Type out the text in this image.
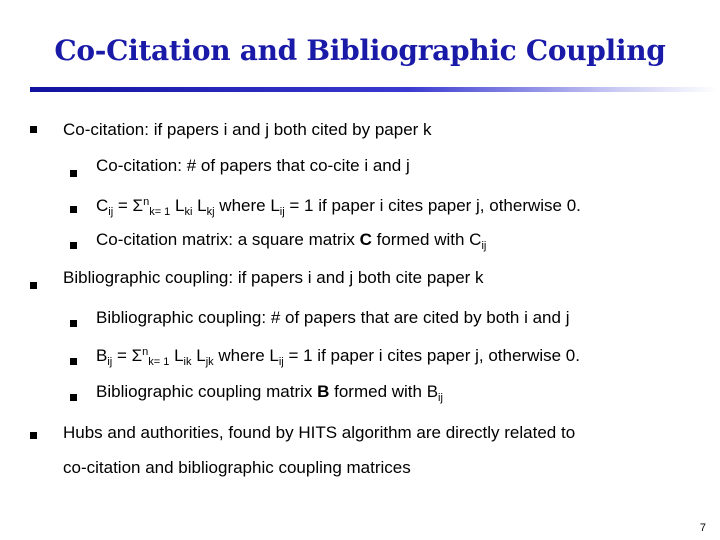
Co-Citation and Bibliographic Coupling
Co-citation: if papers i and j both cited by paper k
Co-citation: # of papers that co-cite i and j
$C_{ij} = \Sigma^n_{k= 1}$ $L_{ki}$ $L_{kj}$ where $L_{ij} = 1$ if paper i cites paper j, otherwise 0.
Co-citation matrix: a square matrix C formed with $C_{ij}$
Bibliographic coupling: if papers i and j both cite paper k
Bibliographic coupling: # of papers that are cited by both i and j
$B_{ij} = \Sigma^n_{k= 1}$ $L_{ik}$ $L_{jk}$ where $L_{ij} = 1$ if paper i cites paper j, otherwise 0.
Bibliographic coupling matrix B formed with $B_{ij}$
Hubs and authorities, found by HITS algorithm are directly related to
co-citation and bibliographic coupling matrices
7
